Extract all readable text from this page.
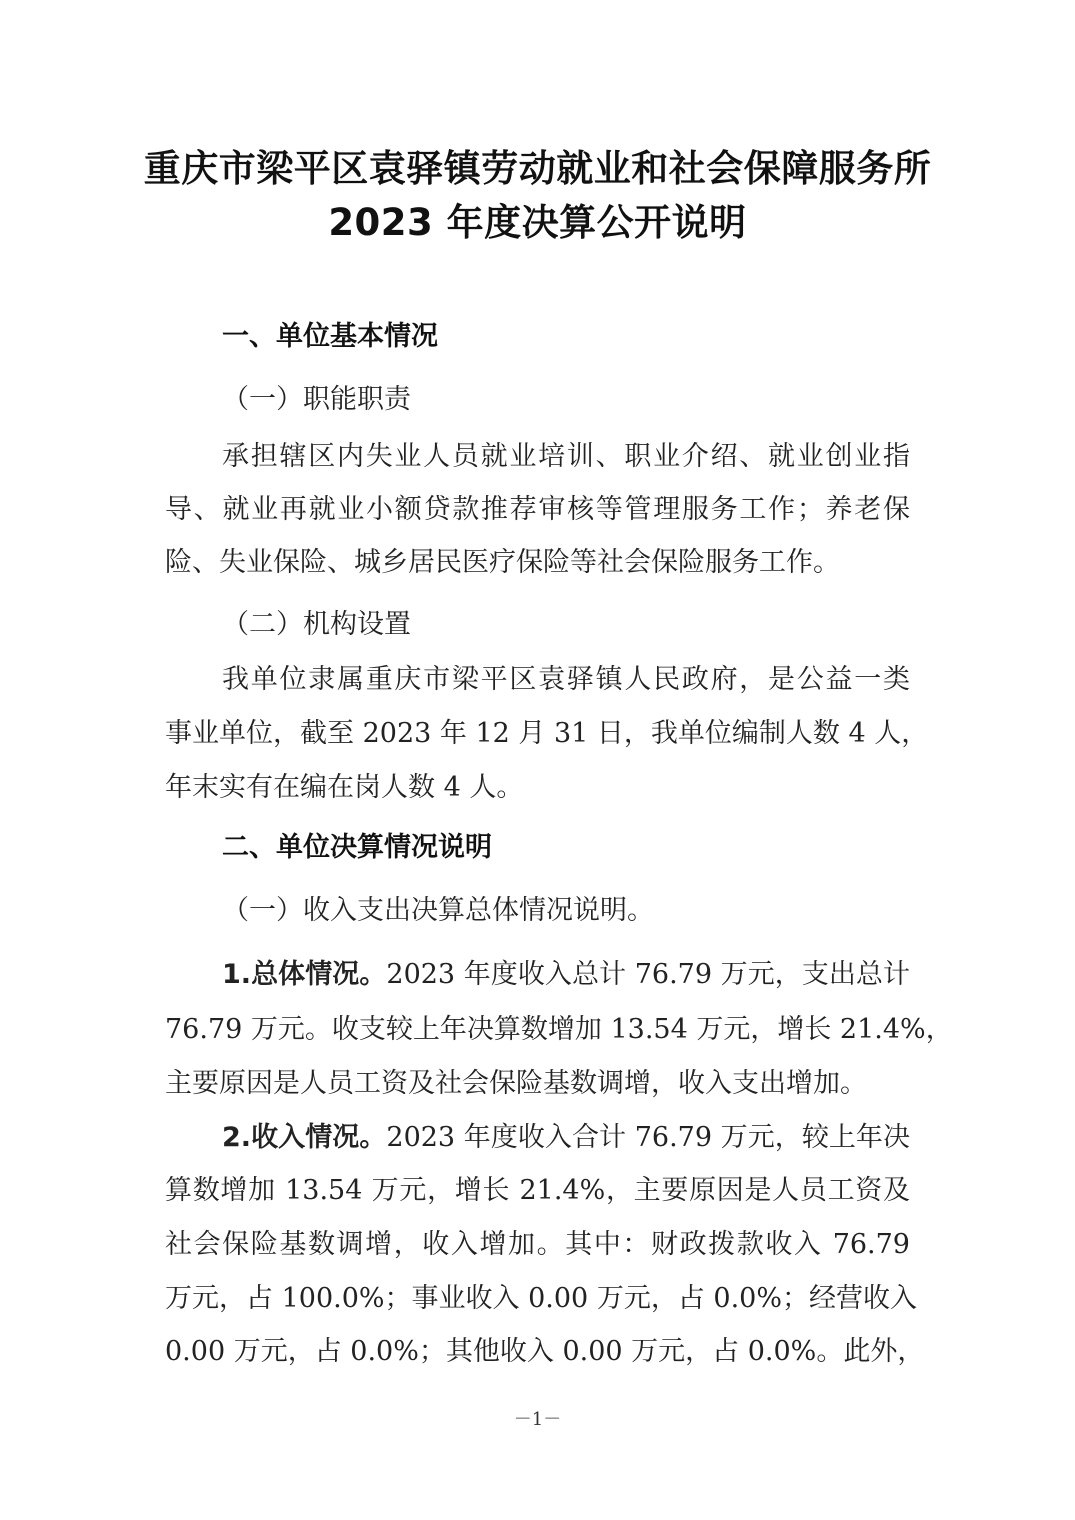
重庆市梁平区袁驿镇劳动就业和社会保障服务所
2023 年度决算公开说明
一、单位基本情况
（一）职能职责
承担辖区内失业人员就业培训、职业介绍、就业创业指
导、就业再就业小额贷款推荐审核等管理服务工作；养老保
险、失业保险、城乡居民医疗保险等社会保险服务工作。
（二）机构设置
我单位隶属重庆市梁平区袁驿镇人民政府，是公益一类
事业单位，截至 2023 年 12 月 31 日，我单位编制人数 4 人，
年末实有在编在岗人数 4 人。
二、单位决算情况说明
（一）收入支出决算总体情况说明。
1.总体情况。2023 年度收入总计 76.79 万元，支出总计
76.79 万元。收支较上年决算数增加 13.54 万元，增长 21.4%，
主要原因是人员工资及社会保险基数调增，收入支出增加。
2.收入情况。2023 年度收入合计 76.79 万元，较上年决
算数增加 13.54 万元，增长 21.4%，主要原因是人员工资及
社会保险基数调增，收入增加。其中：财政拨款收入 76.79
万元，占 100.0%；事业收入 0.00 万元，占 0.0%；经营收入
0.00 万元，占 0.0%；其他收入 0.00 万元，占 0.0%。此外，
－1－
